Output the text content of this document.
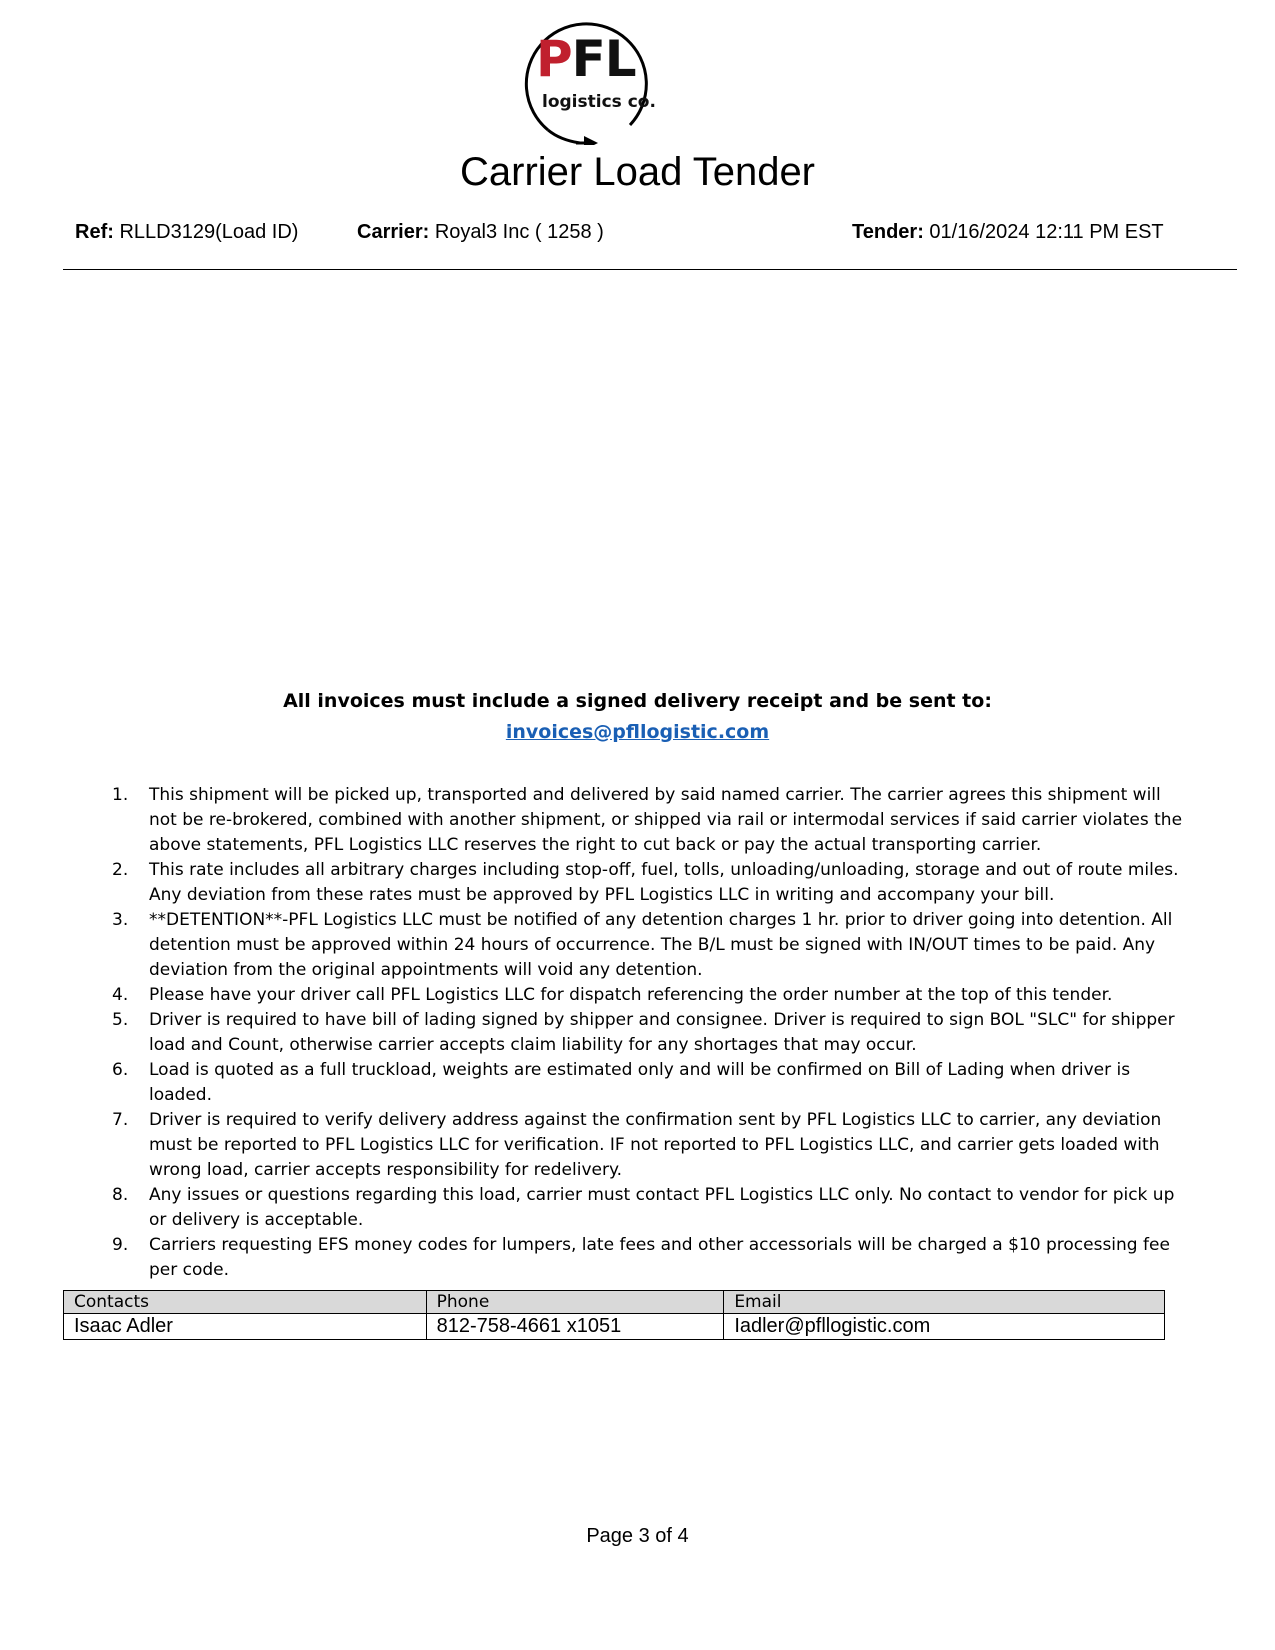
PFL
logistics co.
Carrier Load Tender
Ref: RLLD3129(Load ID)	Carrier: Royal3 Inc ( 1258 )	Tender: 01/16/2024 12:11 PM EST
All invoices must include a signed delivery receipt and be sent to:
invoices@pfllogistic.com
1. This shipment will be picked up, transported and delivered by said named carrier. The carrier agrees this shipment will not be re-brokered, combined with another shipment, or shipped via rail or intermodal services if said carrier violates the above statements, PFL Logistics LLC reserves the right to cut back or pay the actual transporting carrier.
2. This rate includes all arbitrary charges including stop-off, fuel, tolls, unloading/unloading, storage and out of route miles. Any deviation from these rates must be approved by PFL Logistics LLC in writing and accompany your bill.
3. **DETENTION**-PFL Logistics LLC must be notified of any detention charges 1 hr. prior to driver going into detention. All detention must be approved within 24 hours of occurrence. The B/L must be signed with IN/OUT times to be paid. Any deviation from the original appointments will void any detention.
4. Please have your driver call PFL Logistics LLC for dispatch referencing the order number at the top of this tender.
5. Driver is required to have bill of lading signed by shipper and consignee. Driver is required to sign BOL "SLC" for shipper load and Count, otherwise carrier accepts claim liability for any shortages that may occur.
6. Load is quoted as a full truckload, weights are estimated only and will be confirmed on Bill of Lading when driver is loaded.
7. Driver is required to verify delivery address against the confirmation sent by PFL Logistics LLC to carrier, any deviation must be reported to PFL Logistics LLC for verification. IF not reported to PFL Logistics LLC, and carrier gets loaded with wrong load, carrier accepts responsibility for redelivery.
8. Any issues or questions regarding this load, carrier must contact PFL Logistics LLC only. No contact to vendor for pick up or delivery is acceptable.
9. Carriers requesting EFS money codes for lumpers, late fees and other accessorials will be charged a $10 processing fee per code.
Contacts	Phone	Email
Isaac Adler	812-758-4661 x1051	Iadler@pfllogistic.com
Page 3 of 4
